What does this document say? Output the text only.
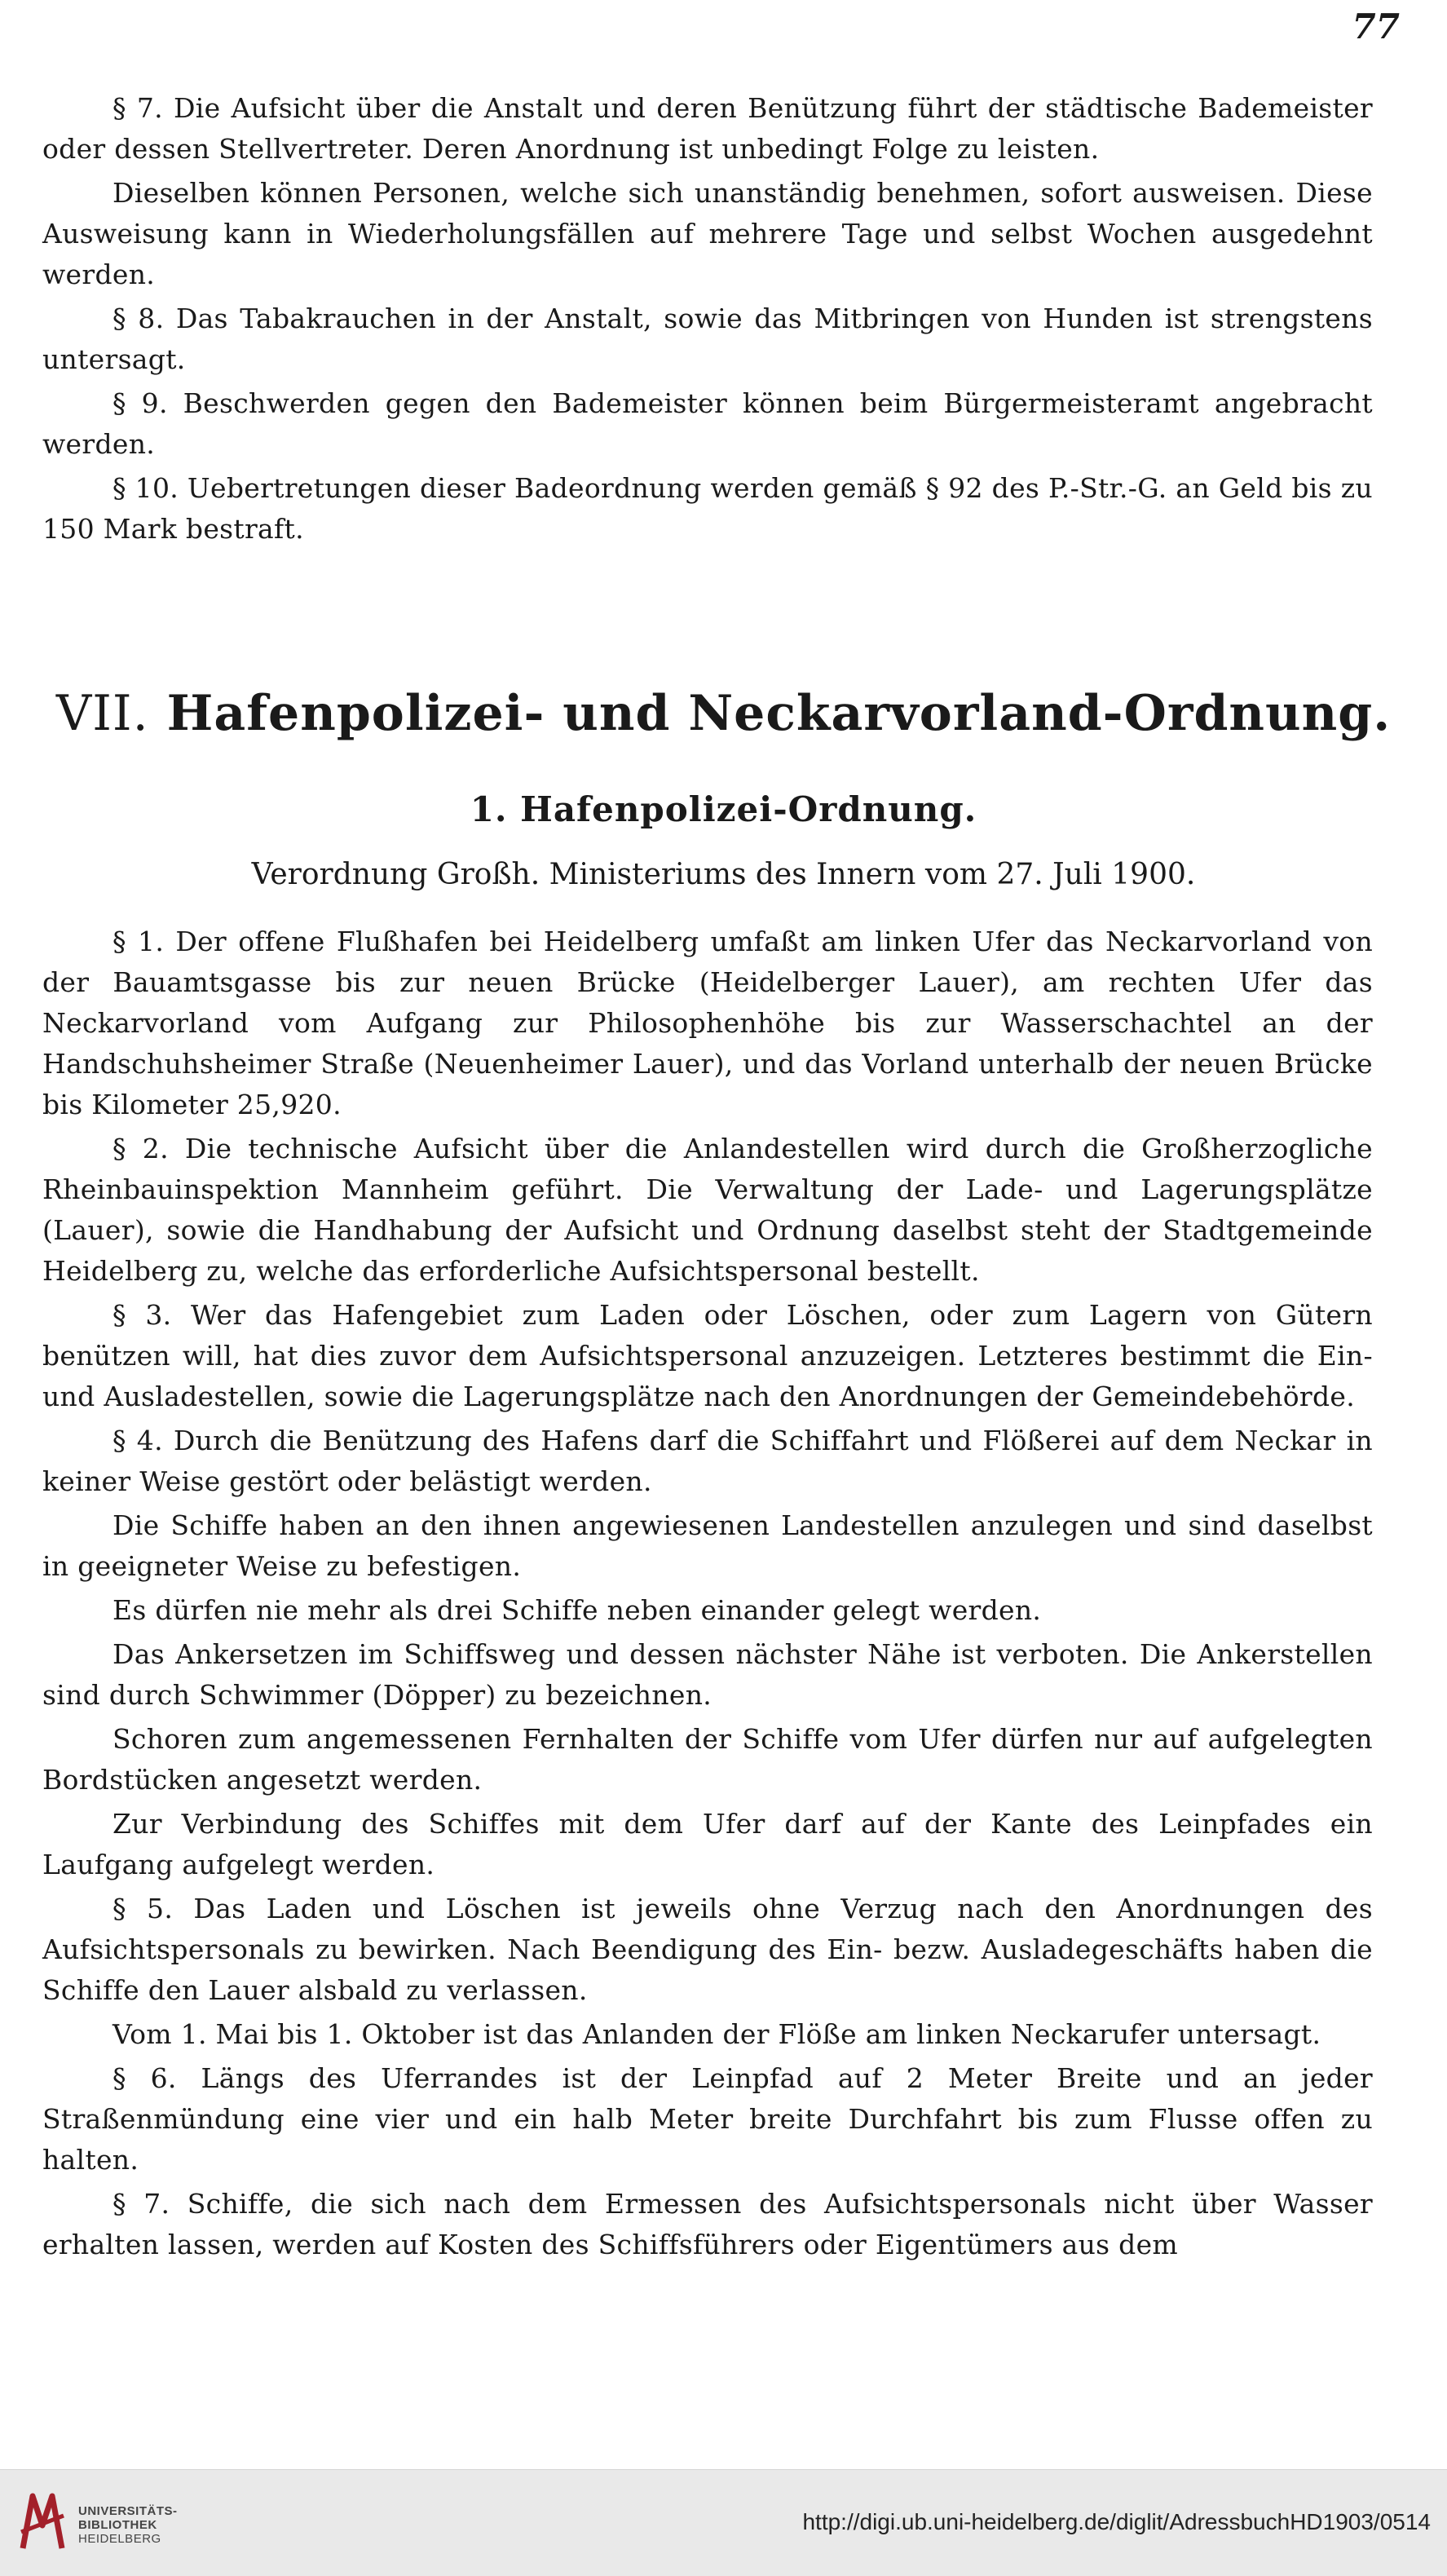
77

§ 7. Die Aufsicht über die Anstalt und deren Benützung führt der städtische Bademeister oder dessen Stellvertreter. Deren Anordnung ist unbedingt Folge zu leisten.

Dieselben können Personen, welche sich unanständig benehmen, sofort ausweisen. Diese Ausweisung kann in Wiederholungsfällen auf mehrere Tage und selbst Wochen ausgedehnt werden.

§ 8. Das Tabakrauchen in der Anstalt, sowie das Mitbringen von Hunden ist strengstens untersagt.

§ 9. Beschwerden gegen den Bademeister können beim Bürgermeisteramt angebracht werden.

§ 10. Uebertretungen dieser Badeordnung werden gemäß § 92 des P.-Str.-G. an Geld bis zu 150 Mark bestraft.

VII. Hafenpolizei- und Neckarvorland-Ordnung.
1. Hafenpolizei-Ordnung.
Verordnung Großh. Ministeriums des Innern vom 27. Juli 1900.

§ 1. Der offene Flußhafen bei Heidelberg umfaßt am linken Ufer das Neckarvorland von der Bauamtsgasse bis zur neuen Brücke (Heidelberger Lauer), am rechten Ufer das Neckarvorland vom Aufgang zur Philosophenhöhe bis zur Wasserschachtel an der Handschuhsheimer Straße (Neuenheimer Lauer), und das Vorland unterhalb der neuen Brücke bis Kilometer 25,920.

§ 2. Die technische Aufsicht über die Anlandestellen wird durch die Großherzogliche Rheinbauinspektion Mannheim geführt. Die Verwaltung der Lade- und Lagerungsplätze (Lauer), sowie die Handhabung der Aufsicht und Ordnung daselbst steht der Stadtgemeinde Heidelberg zu, welche das erforderliche Aufsichtspersonal bestellt.

§ 3. Wer das Hafengebiet zum Laden oder Löschen, oder zum Lagern von Gütern benützen will, hat dies zuvor dem Aufsichtspersonal anzuzeigen. Letzteres bestimmt die Ein- und Ausladestellen, sowie die Lagerungsplätze nach den Anordnungen der Gemeindebehörde.

§ 4. Durch die Benützung des Hafens darf die Schiffahrt und Flößerei auf dem Neckar in keiner Weise gestört oder belästigt werden.

Die Schiffe haben an den ihnen angewiesenen Landestellen anzulegen und sind daselbst in geeigneter Weise zu befestigen.

Es dürfen nie mehr als drei Schiffe neben einander gelegt werden.

Das Ankersetzen im Schiffsweg und dessen nächster Nähe ist verboten. Die Ankerstellen sind durch Schwimmer (Döpper) zu bezeichnen.

Schoren zum angemessenen Fernhalten der Schiffe vom Ufer dürfen nur auf aufgelegten Bordstücken angesetzt werden.

Zur Verbindung des Schiffes mit dem Ufer darf auf der Kante des Leinpfades ein Laufgang aufgelegt werden.

§ 5. Das Laden und Löschen ist jeweils ohne Verzug nach den Anordnungen des Aufsichtspersonals zu bewirken. Nach Beendigung des Ein- bezw. Ausladegeschäfts haben die Schiffe den Lauer alsbald zu verlassen.

Vom 1. Mai bis 1. Oktober ist das Anlanden der Flöße am linken Neckarufer untersagt.

§ 6. Längs des Uferrandes ist der Leinpfad auf 2 Meter Breite und an jeder Straßenmündung eine vier und ein halb Meter breite Durchfahrt bis zum Flusse offen zu halten.

§ 7. Schiffe, die sich nach dem Ermessen des Aufsichtspersonals nicht über Wasser erhalten lassen, werden auf Kosten des Schiffsführers oder Eigentümers aus dem

UNIVERSITÄTS-
BIBLIOTHEK
HEIDELBERG
http://digi.ub.uni-heidelberg.de/diglit/AdressbuchHD1903/0514
